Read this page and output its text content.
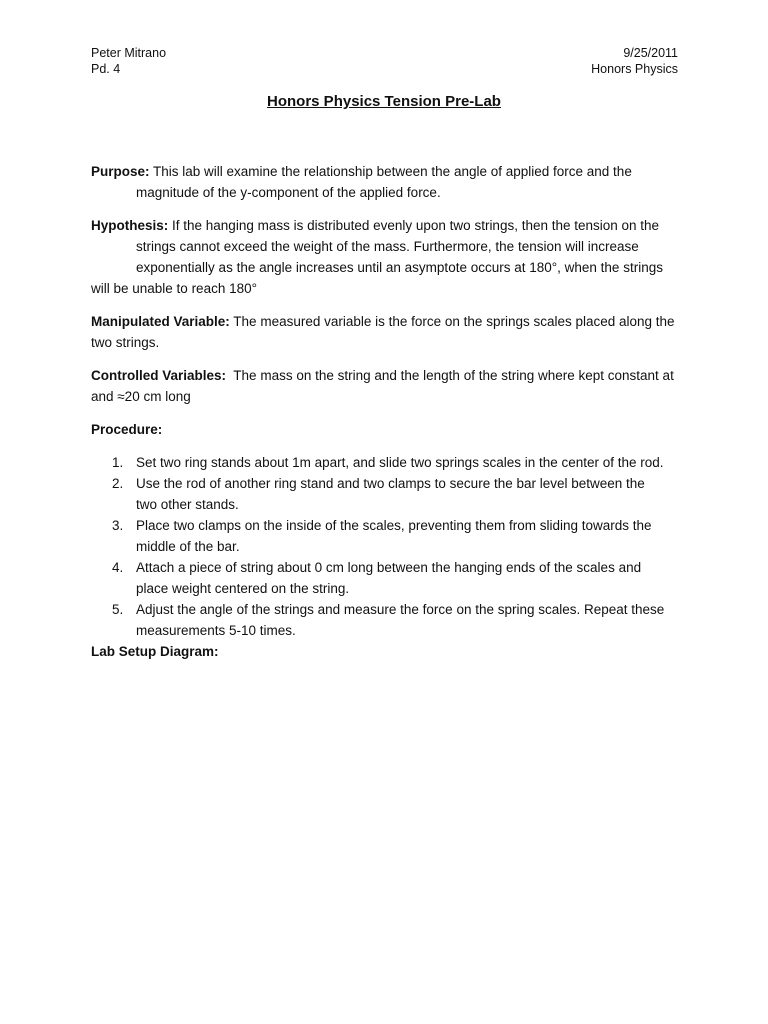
Peter Mitrano
Pd. 4
9/25/2011
Honors Physics
Honors Physics Tension Pre-Lab
Purpose: This lab will examine the relationship between the angle of applied force and the
magnitude of the y-component of the applied force.
Hypothesis: If the hanging mass is distributed evenly upon two strings, then the tension on the
strings cannot exceed the weight of the mass. Furthermore, the tension will increase
exponentially as the angle increases until an asymptote occurs at 180°, when the strings
will be unable to reach 180°
Manipulated Variable: The measured variable is the force on the springs scales placed along the two strings.
Controlled Variables:  The mass on the string and the length of the string where kept constant at  and ≈20 cm long
Procedure:
1. Set two ring stands about 1m apart, and slide two springs scales in the center of the rod.
2. Use the rod of another ring stand and two clamps to secure the bar level between the
two other stands.
3. Place two clamps on the inside of the scales, preventing them from sliding towards the
middle of the bar.
4. Attach a piece of string about 0 cm long between the hanging ends of the scales and
place weight centered on the string.
5. Adjust the angle of the strings and measure the force on the spring scales. Repeat these
measurements 5-10 times.
Lab Setup Diagram:
